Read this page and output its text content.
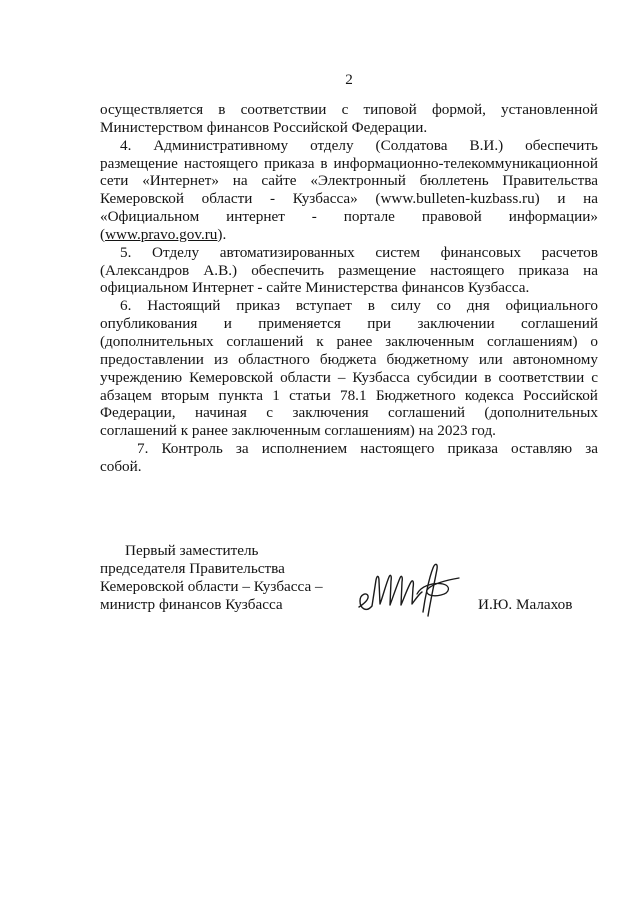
2
осуществляется в соответствии с типовой формой, установленной
Министерством финансов Российской Федерации.
4. Административному отделу (Солдатова В.И.) обеспечить
размещение настоящего приказа в информационно-телекоммуникационной
сети «Интернет» на сайте «Электронный бюллетень Правительства
Кемеровской области - Кузбасса» (www.bulleten-kuzbass.ru) и на
«Официальном интернет - портале правовой информации»
(www.pravo.gov.ru).
5. Отделу автоматизированных систем финансовых расчетов
(Александров А.В.) обеспечить размещение настоящего приказа на
официальном Интернет - сайте Министерства финансов Кузбасса.
6. Настоящий приказ вступает в силу со дня официального
опубликования и применяется при заключении соглашений
(дополнительных соглашений к ранее заключенным соглашениям) о
предоставлении из областного бюджета бюджетному или автономному
учреждению Кемеровской области – Кузбасса субсидии в соответствии с
абзацем вторым пункта 1 статьи 78.1 Бюджетного кодекса Российской
Федерации, начиная с заключения соглашений (дополнительных
соглашений к ранее заключенным соглашениям) на 2023 год.
7. Контроль за исполнением настоящего приказа оставляю за
собой.
Первый заместитель
председателя Правительства
Кемеровской области – Кузбасса –
министр финансов Кузбасса	И.Ю. Малахов
